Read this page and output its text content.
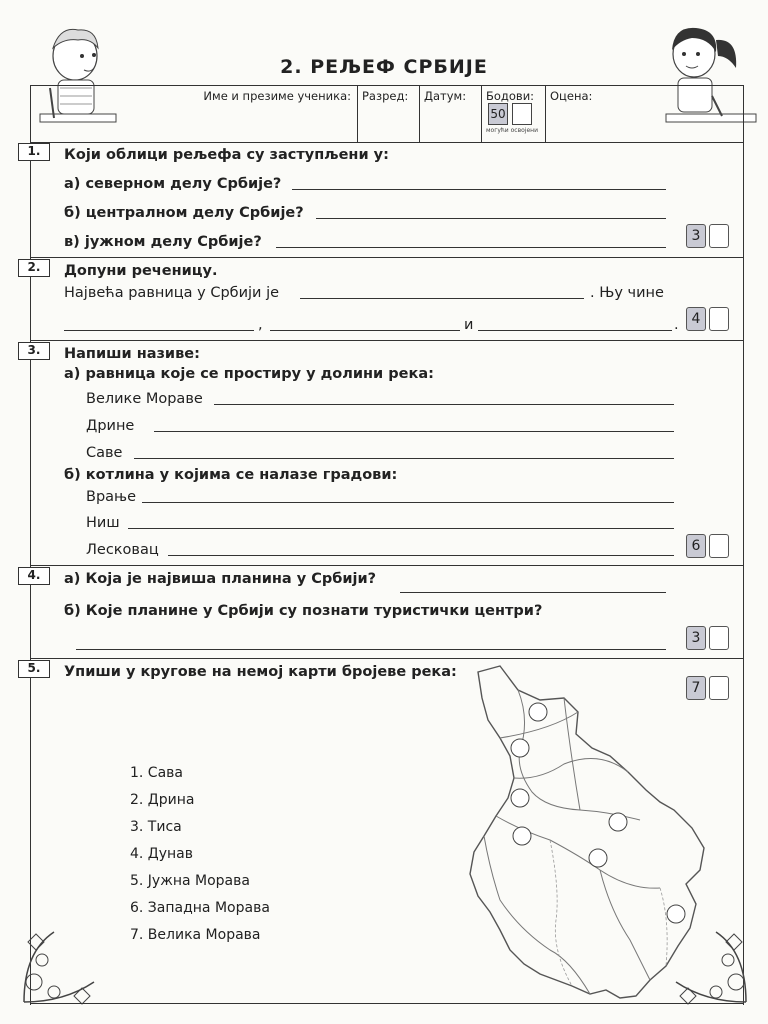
2. РЕЉЕФ СРБИЈЕ
Име и презиме ученика: Разред:	Датум:	Бодови:
50
могући освојени
Оцена:
1.	Који облици рељефа су заступљени у:
а) северном делу Србије?
б) централном делу Србије?
в) јужном делу Србије?	3
2.	Допуни реченицу.
Највећа равница у Србији је	. Њу чине
,	и	. 4
3.	Напиши називе:
а) равница које се простиру у долини река:
Велике Мораве
Дрине
Саве
б) котлина у којима се налазе градови:
Врање
Ниш
Лесковац	6
4.	а) Која је највиша планина у Србији?
б) Које планине у Србији су познати туристички центри?
3
5.	Упиши у кругове на немој карти бројеве река:
7
1. Сава
2. Дрина
3. Тиса
4. Дунав
5. Јужна Морава
6. Западна Морава
7. Велика Морава
